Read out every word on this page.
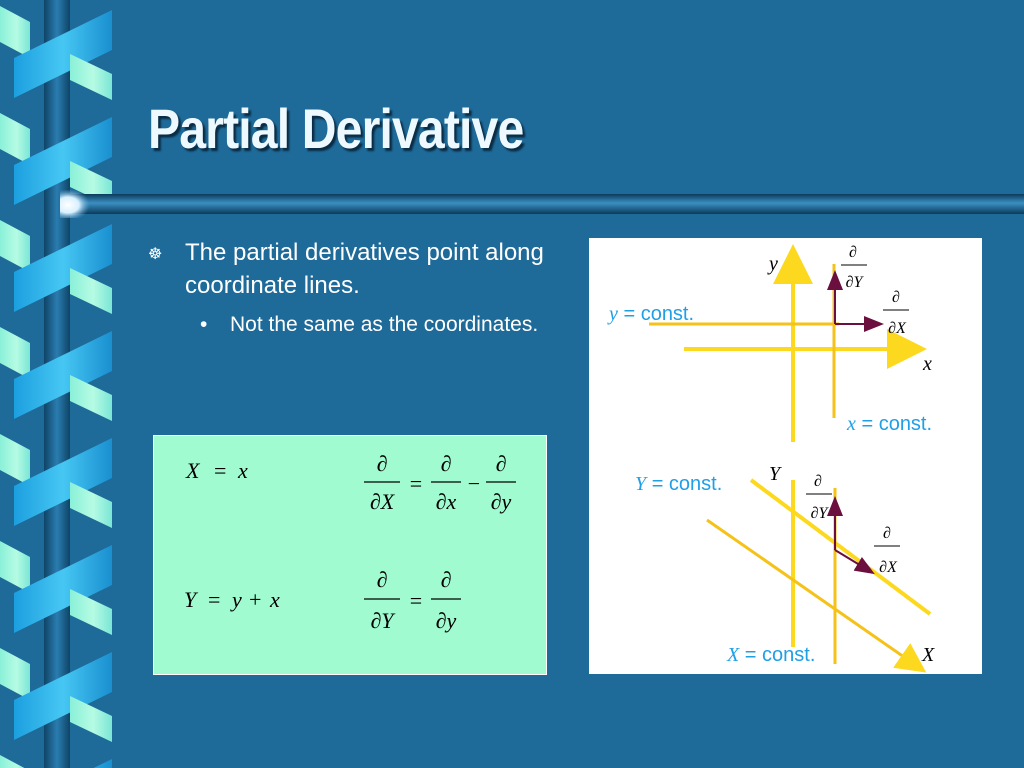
Partial Derivative
☸ The partial derivatives point along coordinate lines.
• Not the same as the coordinates.
X = x
Y = y + x
∂
∂X
=
∂
∂x
−
∂
∂y
∂
∂Y
=
∂
∂y
y
x
∂
∂Y
∂
∂X
y = const.
x = const.
Y
X
∂
∂Y
∂
∂X
Y = const.
X = const.
